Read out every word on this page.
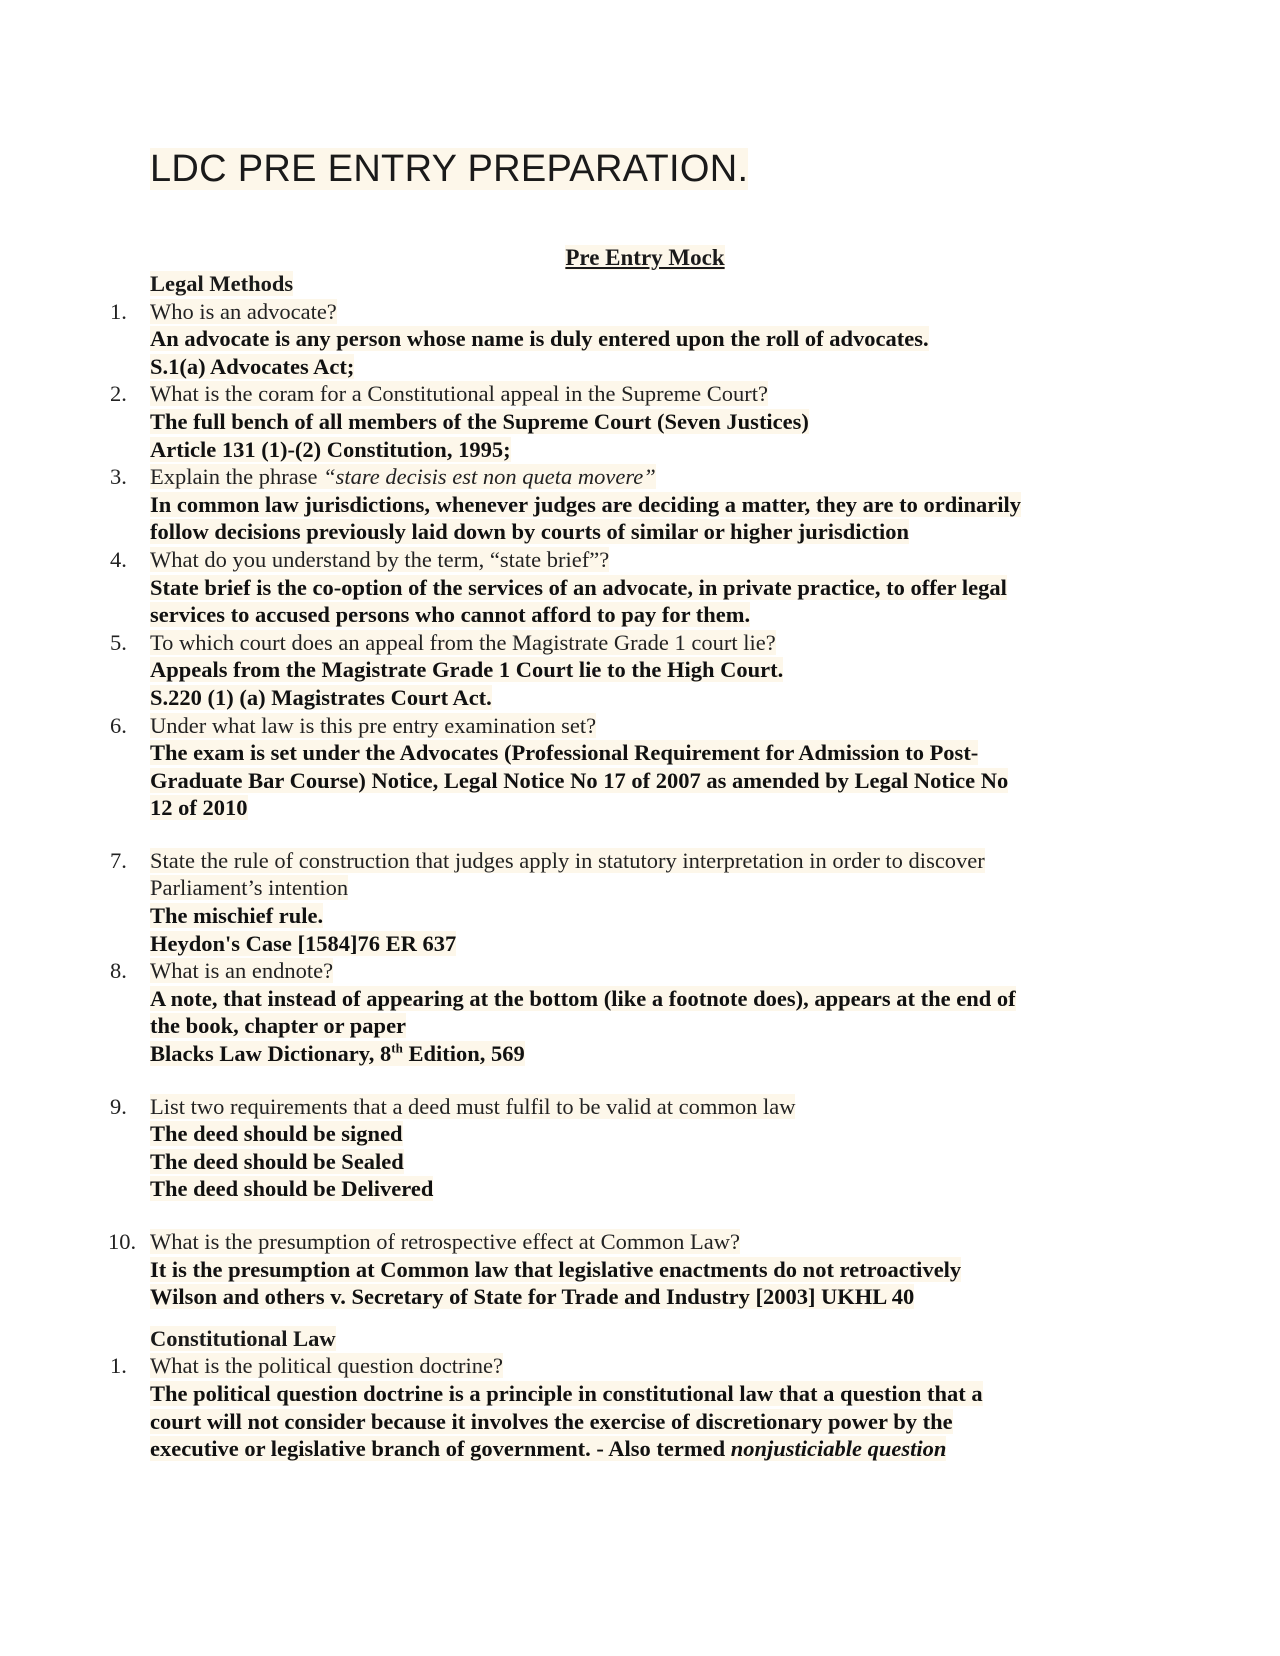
LDC PRE ENTRY PREPARATION.
Pre Entry Mock
Legal Methods
1. Who is an advocate?
An advocate is any person whose name is duly entered upon the roll of advocates.
S.1(a) Advocates Act;
2. What is the coram for a Constitutional appeal in the Supreme Court?
The full bench of all members of the Supreme Court (Seven Justices)
Article 131 (1)-(2) Constitution, 1995;
3. Explain the phrase “stare decisis est non queta movere”
In common law jurisdictions, whenever judges are deciding a matter, they are to ordinarily
follow decisions previously laid down by courts of similar or higher jurisdiction
4. What do you understand by the term, “state brief”?
State brief is the co-option of the services of an advocate, in private practice, to offer legal
services to accused persons who cannot afford to pay for them.
5. To which court does an appeal from the Magistrate Grade 1 court lie?
Appeals from the Magistrate Grade 1 Court lie to the High Court.
S.220 (1) (a) Magistrates Court Act.
6. Under what law is this pre entry examination set?
The exam is set under the Advocates (Professional Requirement for Admission to Post-
Graduate Bar Course) Notice, Legal Notice No 17 of 2007 as amended by Legal Notice No
12 of 2010
7. State the rule of construction that judges apply in statutory interpretation in order to discover
Parliament’s intention
The mischief rule.
Heydon's Case [1584]76 ER 637
8. What is an endnote?
A note, that instead of appearing at the bottom (like a footnote does), appears at the end of
the book, chapter or paper
Blacks Law Dictionary, 8th Edition, 569
9. List two requirements that a deed must fulfil to be valid at common law
The deed should be signed
The deed should be Sealed
The deed should be Delivered
10. What is the presumption of retrospective effect at Common Law?
It is the presumption at Common law that legislative enactments do not retroactively
Wilson and others v. Secretary of State for Trade and Industry [2003] UKHL 40
Constitutional Law
1. What is the political question doctrine?
The political question doctrine is a principle in constitutional law that a question that a
court will not consider because it involves the exercise of discretionary power by the
executive or legislative branch of government. - Also termed nonjusticiable question
